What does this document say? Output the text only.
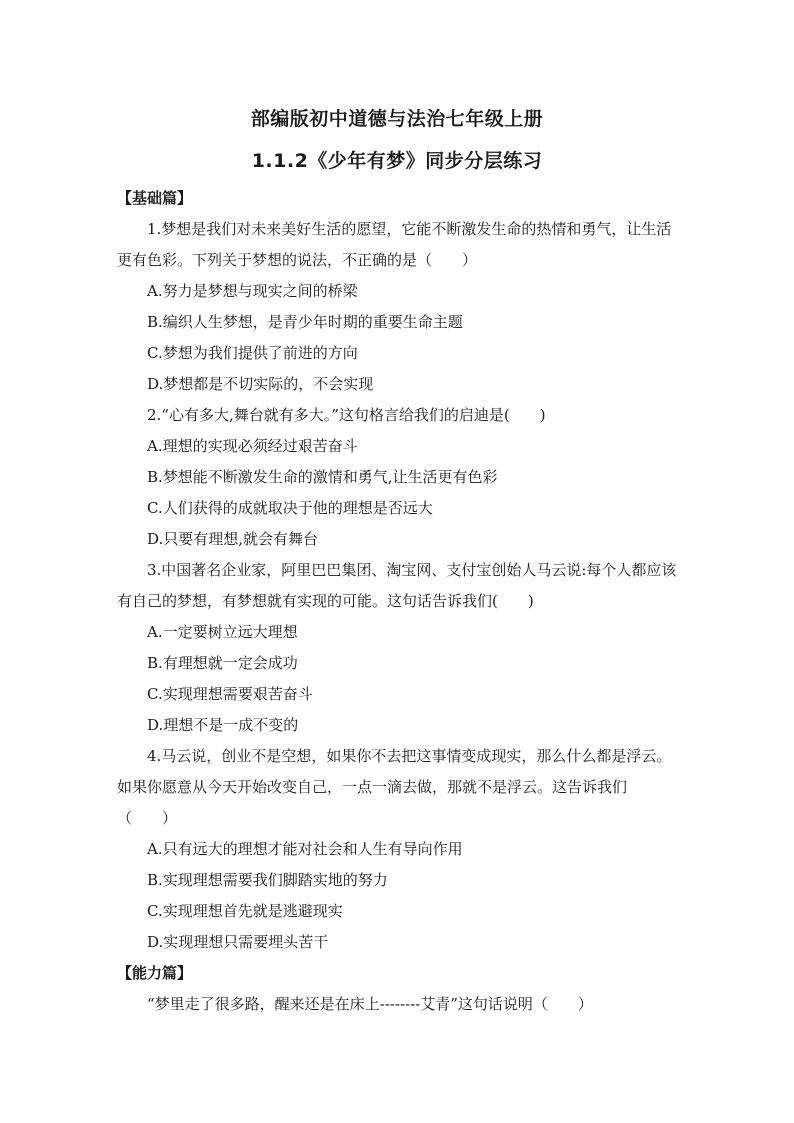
部编版初中道德与法治七年级上册
1.1.2《少年有梦》同步分层练习

【基础篇】

1.梦想是我们对未来美好生活的愿望，它能不断激发生命的热情和勇气，让生活更有色彩。下列关于梦想的说法，不正确的是（　　）

A.努力是梦想与现实之间的桥梁

B.编织人生梦想，是青少年时期的重要生命主题

C.梦想为我们提供了前进的方向

D.梦想都是不切实际的，不会实现

2.“心有多大,舞台就有多大。”这句格言给我们的启迪是(　　)

A.理想的实现必须经过艰苦奋斗

B.梦想能不断激发生命的激情和勇气,让生活更有色彩

C.人们获得的成就取决于他的理想是否远大

D.只要有理想,就会有舞台

3.中国著名企业家，阿里巴巴集团、淘宝网、支付宝创始人马云说:每个人都应该有自己的梦想，有梦想就有实现的可能。这句话告诉我们(　　)

A.一定要树立远大理想

B.有理想就一定会成功

C.实现理想需要艰苦奋斗

D.理想不是一成不变的

4.马云说，创业不是空想，如果你不去把这事情变成现实，那么什么都是浮云。如果你愿意从今天开始改变自己，一点一滴去做，那就不是浮云。这告诉我们（　　）

A.只有远大的理想才能对社会和人生有导向作用

B.实现理想需要我们脚踏实地的努力

C.实现理想首先就是逃避现实

D.实现理想只需要埋头苦干

【能力篇】

“梦里走了很多路，醒来还是在床上--------艾青”这句话说明（　　）
